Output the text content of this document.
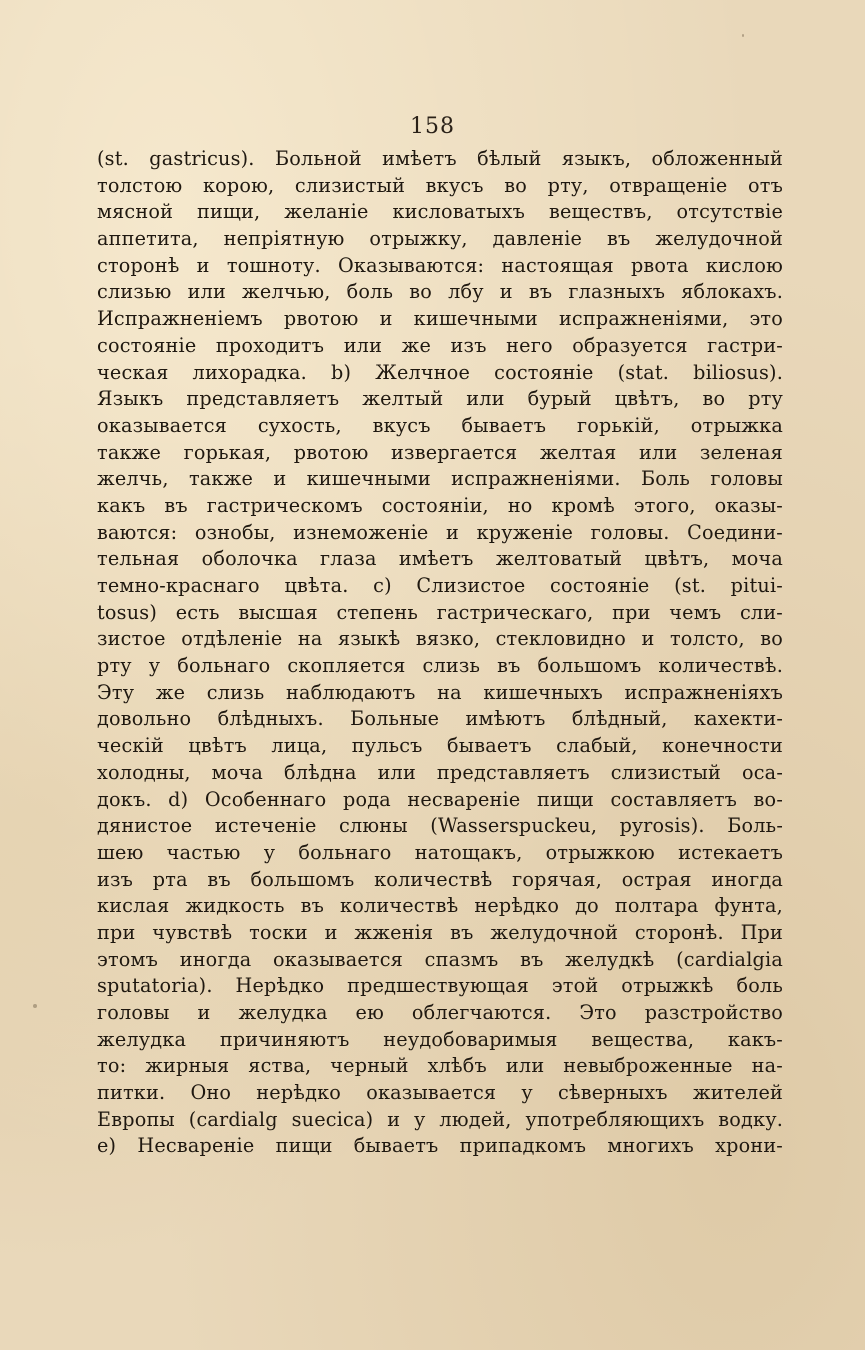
158
(st. gastricus). Больной имѣетъ бѣлый языкъ, обложенный
толстою корою, слизистый вкусъ во рту, отвращеніе отъ
мясной пищи, желаніе кисловатыхъ веществъ, отсутствіе
аппетита, непріятную отрыжку, давленіе въ желудочной
сторонѣ и тошноту. Оказываются: настоящая рвота кислою
слизью или желчью, боль во лбу и въ глазныхъ яблокахъ.
Испражненіемъ рвотою и кишечными испражненіями, это
состояніе проходитъ или же изъ него образуется гастри-
ческая лихорадка. b) Желчное состояніе (stat. biliosus).
Языкъ представляетъ желтый или бурый цвѣтъ, во рту
оказывается сухость, вкусъ бываетъ горькій, отрыжка
также горькая, рвотою извергается желтая или зеленая
желчь, также и кишечными испражненіями. Боль головы
какъ въ гастрическомъ состояніи, но кромѣ этого, оказы-
ваются: ознобы, изнеможеніе и круженіе головы. Соедини-
тельная оболочка глаза имѣетъ желтоватый цвѣтъ, моча
темно-краснаго цвѣта. c) Слизистое состояніе (st. pitui-
tosus) есть высшая степень гастрическаго, при чемъ сли-
зистое отдѣленіе на языкѣ вязко, стекловидно и толсто, во
рту у больнаго скопляется слизь въ большомъ количествѣ.
Эту же слизь наблюдаютъ на кишечныхъ испражненіяхъ
довольно блѣдныхъ. Больные имѣютъ блѣдный, кахекти-
ческій цвѣтъ лица, пульсъ бываетъ слабый, конечности
холодны, моча блѣдна или представляетъ слизистый оса-
докъ. d) Особеннаго рода несвареніе пищи составляетъ во-
дянистое истеченіе слюны (Wasserspuckeu, pyrosis). Боль-
шею частью у больнаго натощакъ, отрыжкою истекаетъ
изъ рта въ большомъ количествѣ горячая, острая иногда
кислая жидкость въ количествѣ нерѣдко до полтара фунта,
при чувствѣ тоски и жженія въ желудочной сторонѣ. При
этомъ иногда оказывается спазмъ въ желудкѣ (cardialgia
sputatoria). Нерѣдко предшествующая этой отрыжкѣ боль
головы и желудка ею облегчаются. Это разстройство
желудка причиняютъ неудобоваримыя вещества, какъ-
то: жирныя яства, черный хлѣбъ или невыброженные на-
питки. Оно нерѣдко оказывается у сѣверныхъ жителей
Европы (cardialg suecica) и у людей, употребляющихъ водку.
e) Несвареніе пищи бываетъ припадкомъ многихъ хрони-
